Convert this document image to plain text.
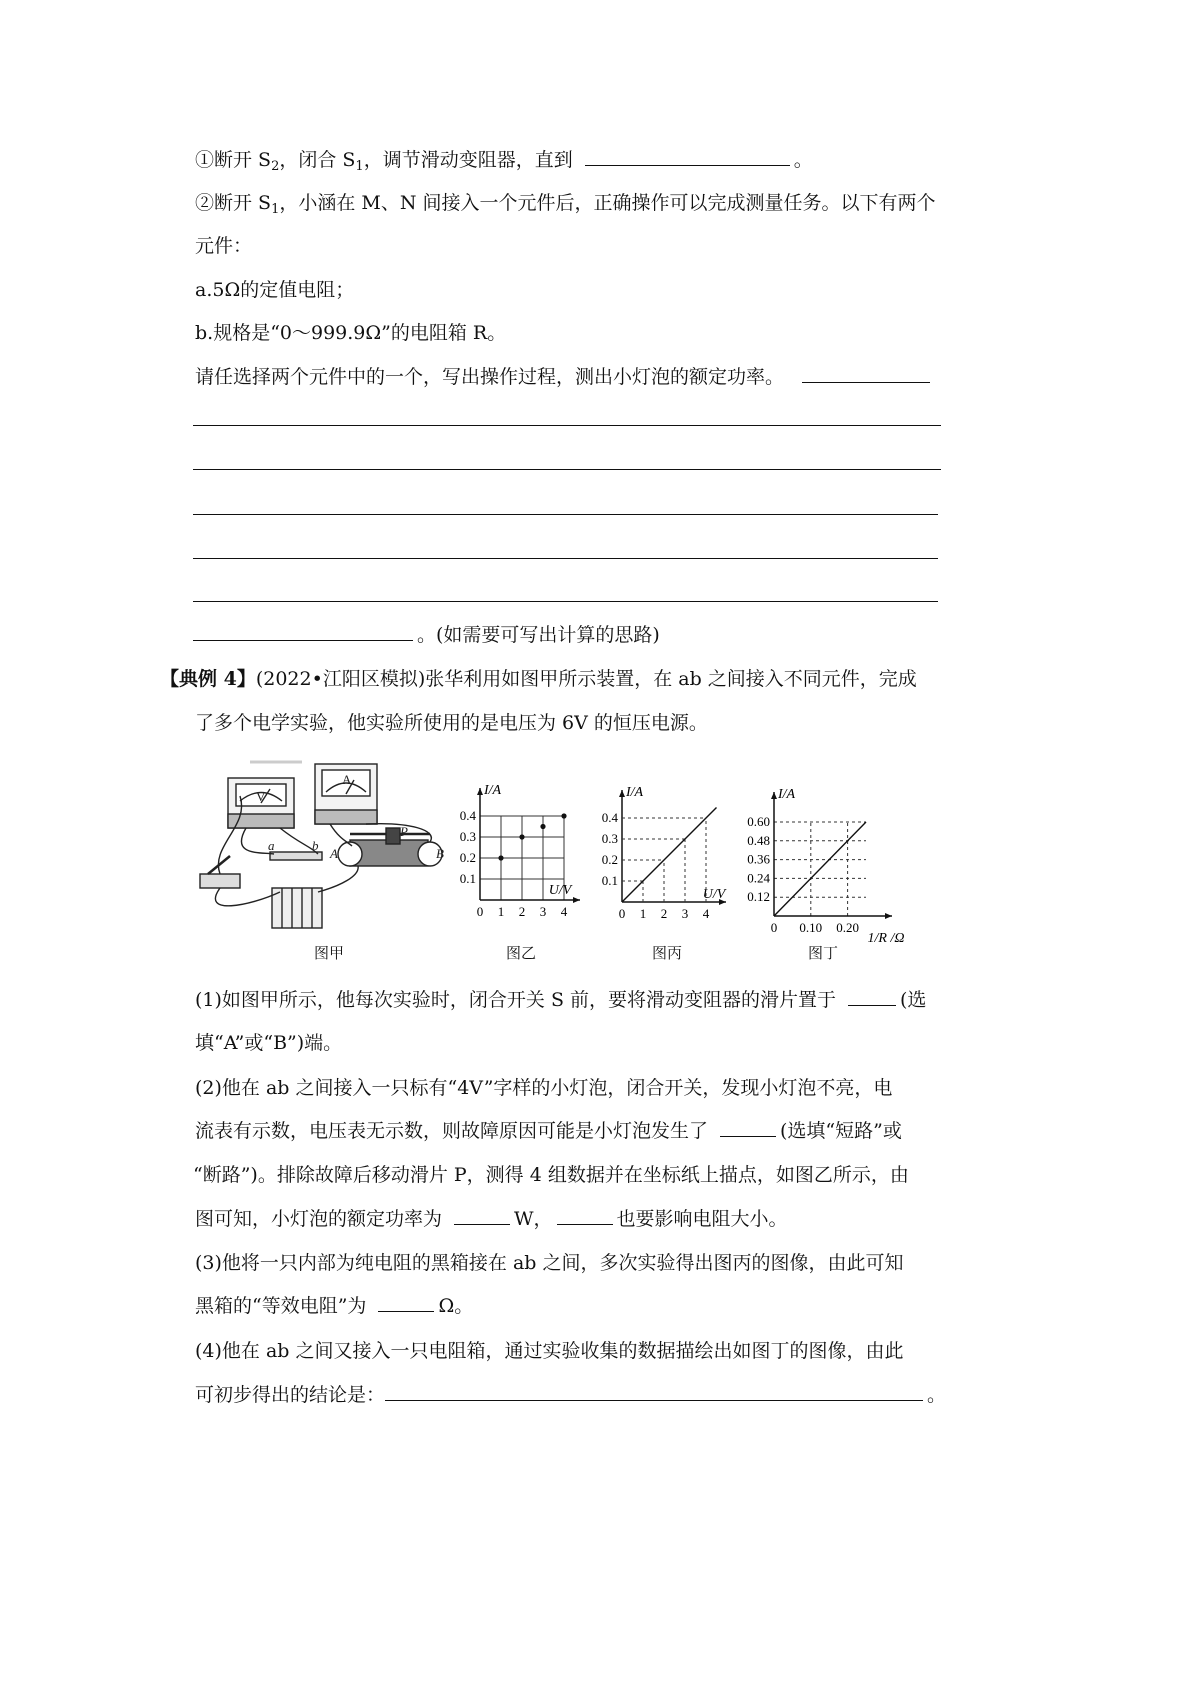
①断开 $S_2$，闭合 $S_1$，调节滑动变阻器，直到	。
②断开 $S_1$，小涵在 M、N 间接入一个元件后，正确操作可以完成测量任务。以下有两个
元件：
a.5Ω的定值电阻；
b.规格是“0～999.9Ω”的电阻箱 R。
请任选择两个元件中的一个，写出操作过程，测出小灯泡的额定功率。
。(如需要可写出计算的思路)
【典例 4】(2022•江阳区模拟)张华利用如图甲所示装置，在 ab 之间接入不同元件，完成
了多个电学实验，他实验所使用的是电压为 6V 的恒压电源。
V
A
a	b
A	B
P
0 1 2 3 4
0.1
0.2
0.3
0.4
I/A
U/V
0 1 2 3 4
0.1
0.2
0.3
0.4
I/A
U/V
0 0.10 0.20
0.12
0.24
0.36
0.48
0.60
I/A
1/R /Ω
图甲	图乙	图丙	图丁
(1)如图甲所示，他每次实验时，闭合开关 S 前，要将滑动变阻器的滑片置于	(选
填“A”或“B”)端。
(2)他在 ab 之间接入一只标有“4V”字样的小灯泡，闭合开关，发现小灯泡不亮，电
流表有示数，电压表无示数，则故障原因可能是小灯泡发生了	(选填“短路”或
“断路”)。排除故障后移动滑片 P，测得 4 组数据并在坐标纸上描点，如图乙所示，由
图可知，小灯泡的额定功率为	W，	也要影响电阻大小。
(3)他将一只内部为纯电阻的黑箱接在 ab 之间，多次实验得出图丙的图像，由此可知
黑箱的“等效电阻”为	Ω。
(4)他在 ab 之间又接入一只电阻箱，通过实验收集的数据描绘出如图丁的图像，由此
可初步得出的结论是：	。
